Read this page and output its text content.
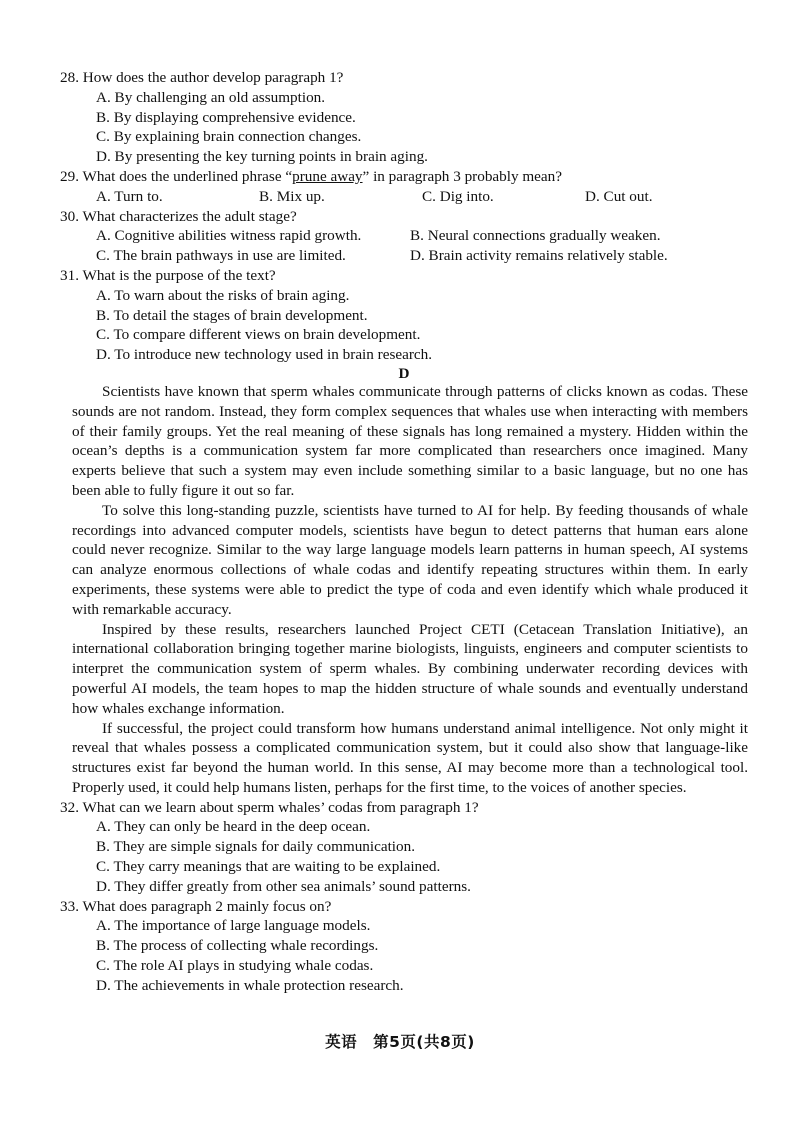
28. How does the author develop paragraph 1?
A. By challenging an old assumption.
B. By displaying comprehensive evidence.
C. By explaining brain connection changes.
D. By presenting the key turning points in brain aging.
29. What does the underlined phrase “prune away” in paragraph 3 probably mean?
A. Turn to.	B. Mix up.	C. Dig into.	D. Cut out.
30. What characterizes the adult stage?
A. Cognitive abilities witness rapid growth.	B. Neural connections gradually weaken.
C. The brain pathways in use are limited.	D. Brain activity remains relatively stable.
31. What is the purpose of the text?
A. To warn about the risks of brain aging.
B. To detail the stages of brain development.
C. To compare different views on brain development.
D. To introduce new technology used in brain research.
D

Scientists have known that sperm whales communicate through patterns of clicks known as codas. These sounds are not random. Instead, they form complex sequences that whales use when interacting with members of their family groups. Yet the real meaning of these signals has long remained a mystery. Hidden within the ocean’s depths is a communication system far more complicated than researchers once imagined. Many experts believe that such a system may even include something similar to a basic language, but no one has been able to fully figure it out so far.

To solve this long-standing puzzle, scientists have turned to AI for help. By feeding thousands of whale recordings into advanced computer models, scientists have begun to detect patterns that human ears alone could never recognize. Similar to the way large language models learn patterns in human speech, AI systems can analyze enormous collections of whale codas and identify repeating structures within them. In early experiments, these systems were able to predict the type of coda and even identify which whale produced it with remarkable accuracy.

Inspired by these results, researchers launched Project CETI (Cetacean Translation Initiative), an international collaboration bringing together marine biologists, linguists, engineers and computer scientists to interpret the communication system of sperm whales. By combining underwater recording devices with powerful AI models, the team hopes to map the hidden structure of whale sounds and eventually understand how whales exchange information.

If successful, the project could transform how humans understand animal intelligence. Not only might it reveal that whales possess a complicated communication system, but it could also show that language-like structures exist far beyond the human world. In this sense, AI may become more than a technological tool. Properly used, it could help humans listen, perhaps for the first time, to the voices of another species.

32. What can we learn about sperm whales’ codas from paragraph 1?
A. They can only be heard in the deep ocean.
B. They are simple signals for daily communication.
C. They carry meanings that are waiting to be explained.
D. They differ greatly from other sea animals’ sound patterns.
33. What does paragraph 2 mainly focus on?
A. The importance of large language models.
B. The process of collecting whale recordings.
C. The role AI plays in studying whale codas.
D. The achievements in whale protection research.
英语　第5页(共8页)
